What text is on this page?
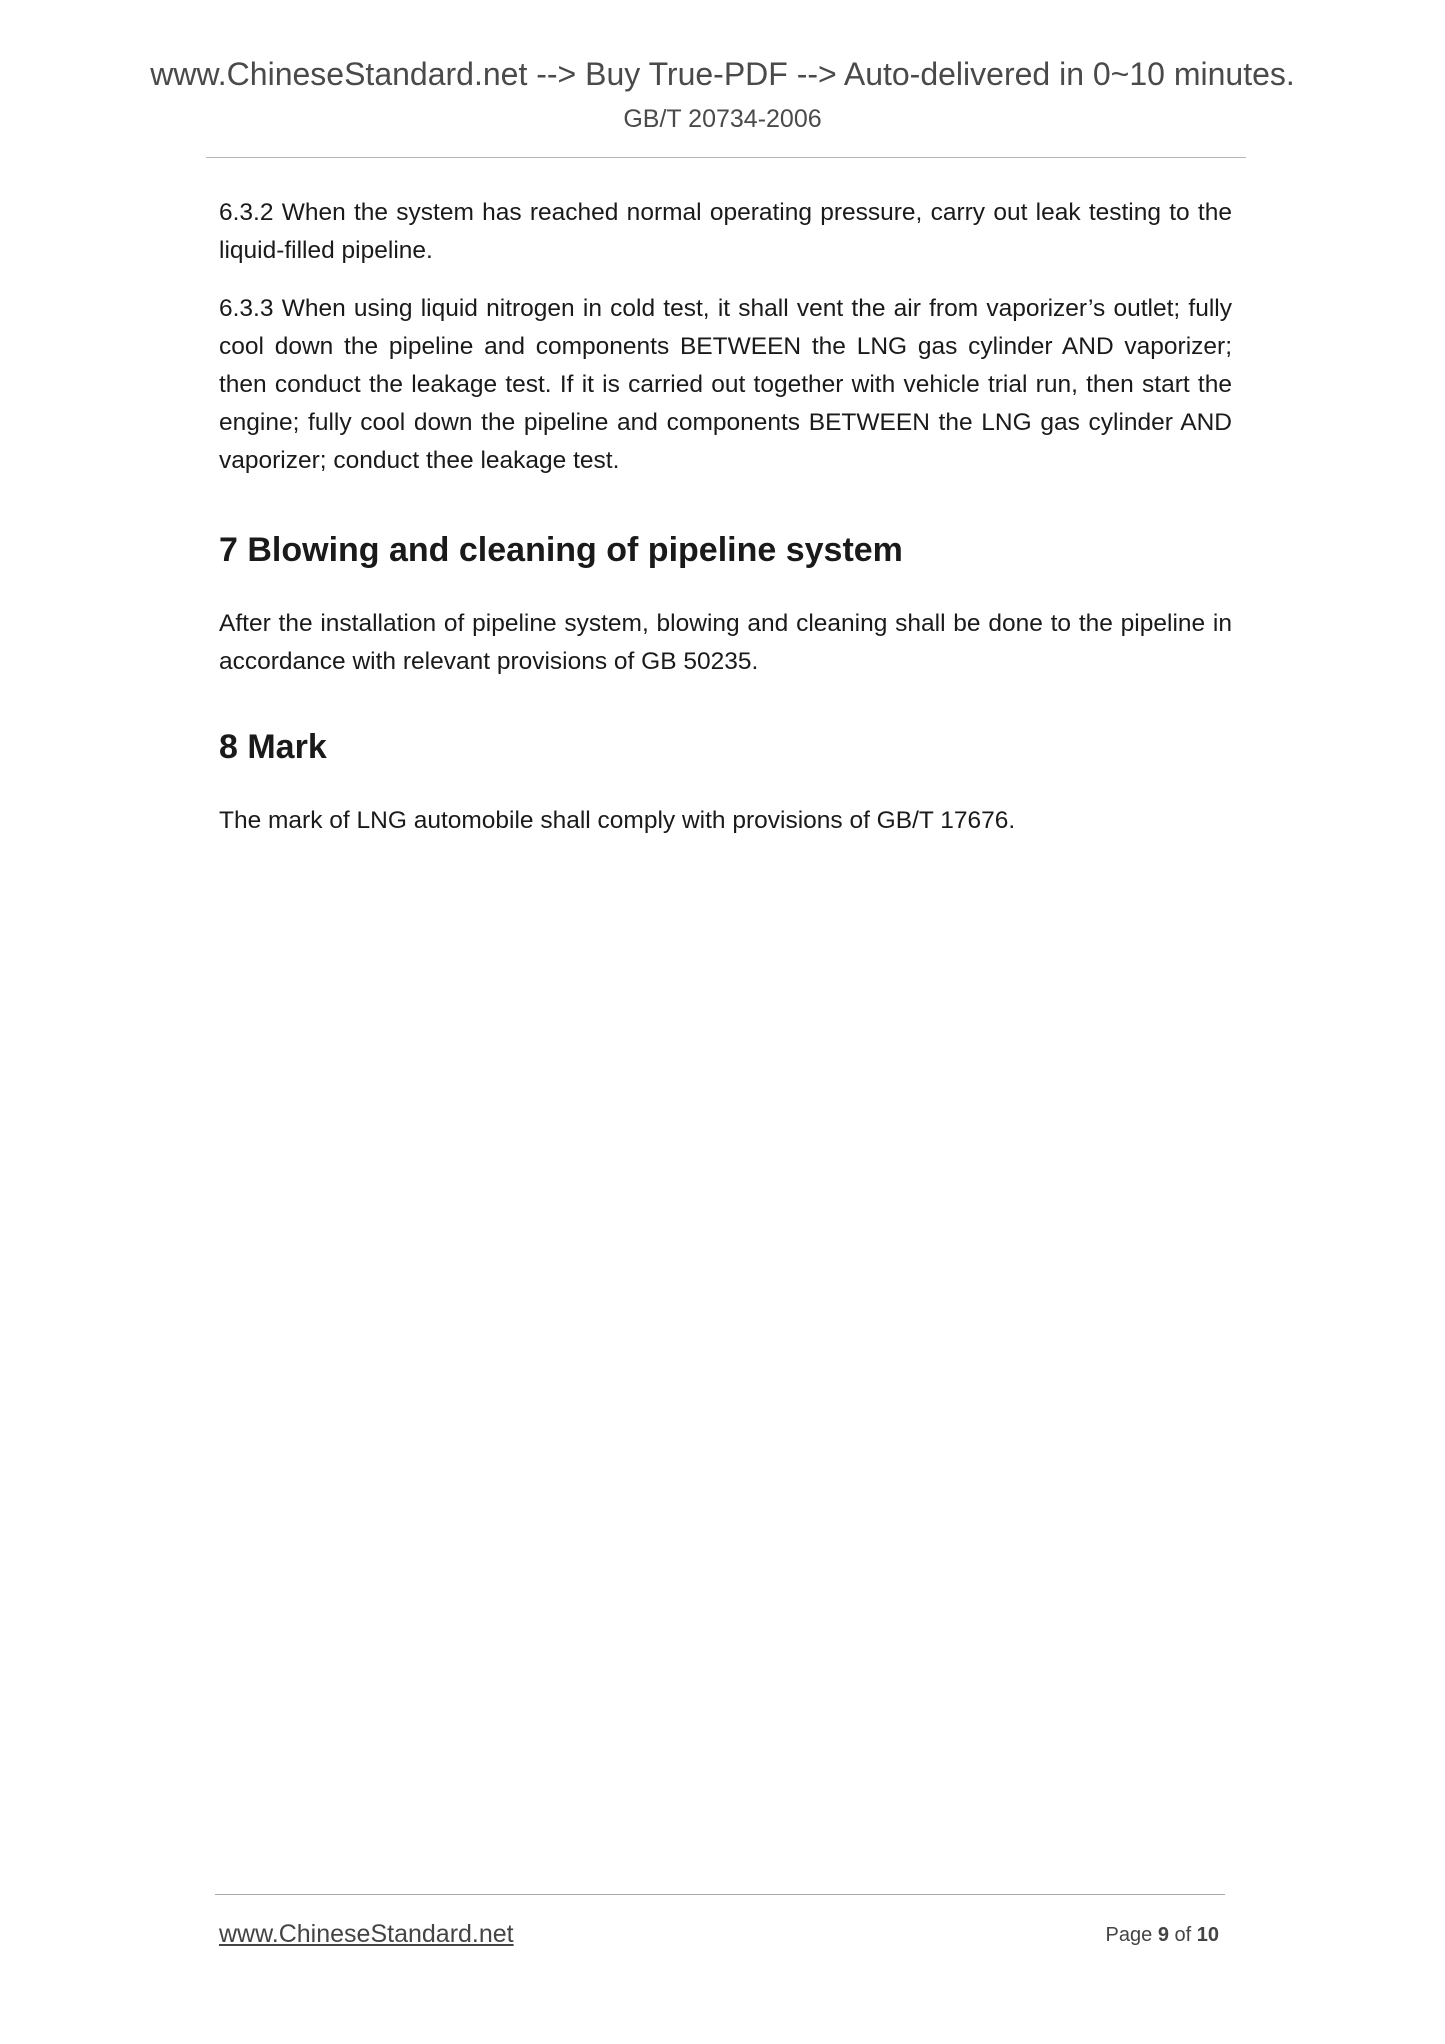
www.ChineseStandard.net --> Buy True-PDF --> Auto-delivered in 0~10 minutes.
GB/T 20734-2006

6.3.2 When the system has reached normal operating pressure, carry out leak testing to the liquid-filled pipeline.

6.3.3 When using liquid nitrogen in cold test, it shall vent the air from vaporizer’s outlet; fully cool down the pipeline and components BETWEEN the LNG gas cylinder AND vaporizer; then conduct the leakage test. If it is carried out together with vehicle trial run, then start the engine; fully cool down the pipeline and components BETWEEN the LNG gas cylinder AND vaporizer; conduct thee leakage test.

7 Blowing and cleaning of pipeline system

After the installation of pipeline system, blowing and cleaning shall be done to the pipeline in accordance with relevant provisions of GB 50235.

8 Mark

The mark of LNG automobile shall comply with provisions of GB/T 17676.

www.ChineseStandard.net	Page 9 of 10
